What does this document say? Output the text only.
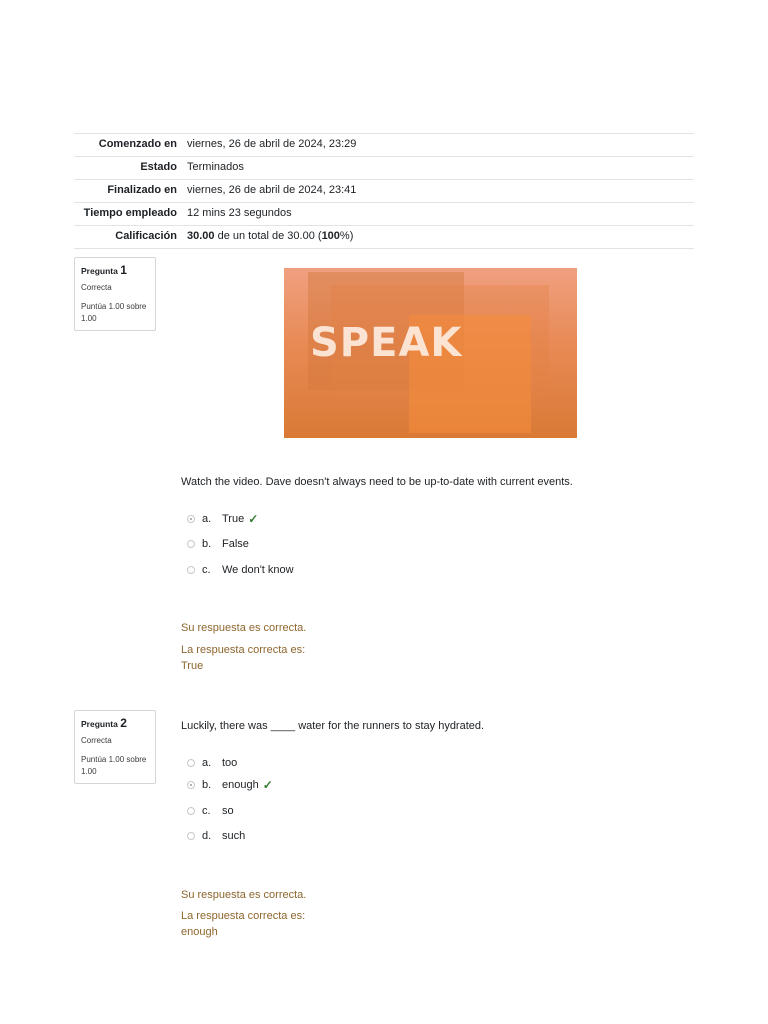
Comenzado en	viernes, 26 de abril de 2024, 23:29
Estado	Terminados
Finalizado en	viernes, 26 de abril de 2024, 23:41
Tiempo empleado	12 mins 23 segundos
Calificación	30.00 de un total de 30.00 (100%)
Pregunta 1
Correcta
Puntúa 1.00 sobre 1.00
SPEAK
Watch the video. Dave doesn't always need to be up-to-date with current events.
a. True ✓
b. False
c.	We don't know
Su respuesta es correcta.
La respuesta correcta es:
True
Pregunta 2
Correcta
Puntúa 1.00 sobre 1.00
Luckily, there was ____ water for the runners to stay hydrated.
a. too
b. enough ✓
c.	so
d. such
Su respuesta es correcta.
La respuesta correcta es:
enough
